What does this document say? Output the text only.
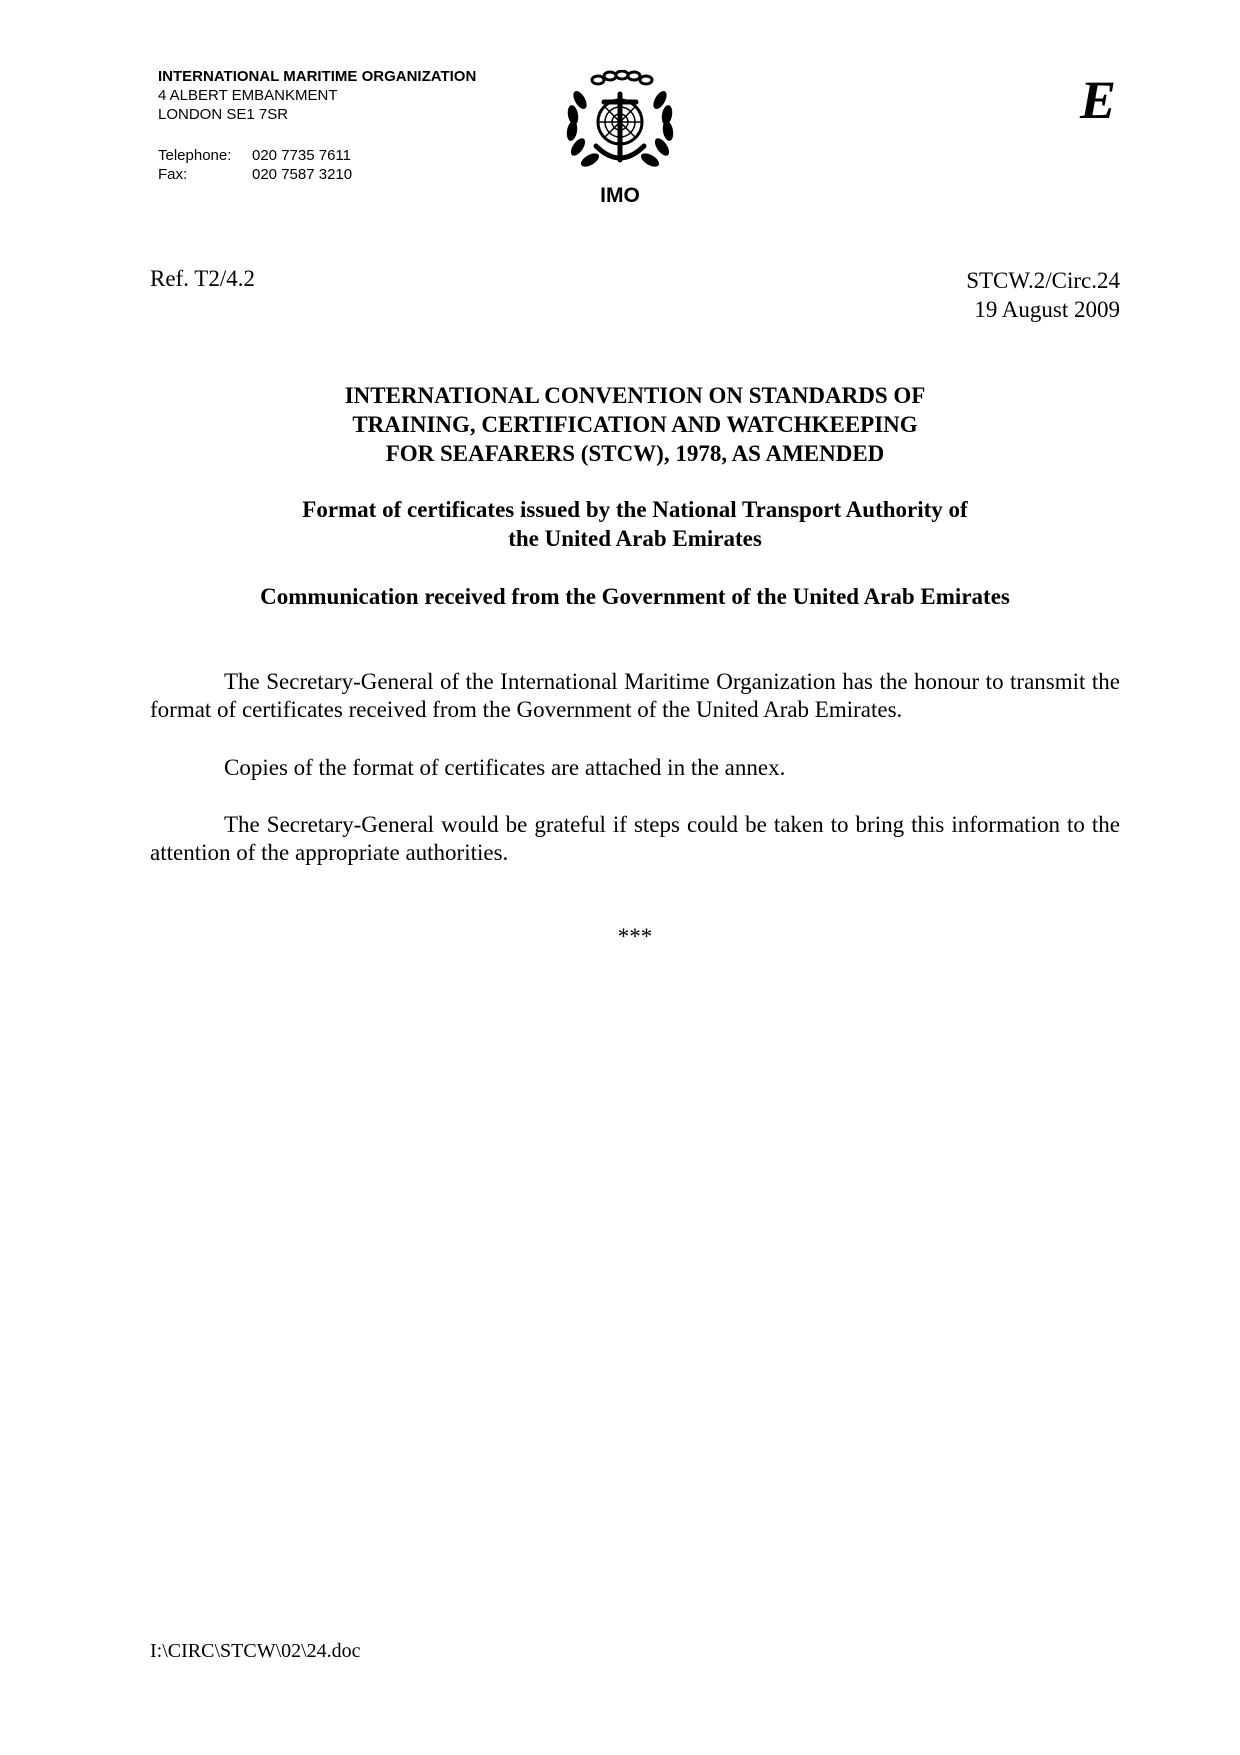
INTERNATIONAL MARITIME ORGANIZATION
4 ALBERT EMBANKMENT
LONDON SE1 7SR
Telephone:	020 7735 7611
Fax:	020 7587 3210
IMO
E
Ref. T2/4.2	STCW.2/Circ.24
19 August 2009
INTERNATIONAL CONVENTION ON STANDARDS OF
TRAINING, CERTIFICATION AND WATCHKEEPING
FOR SEAFARERS (STCW), 1978, AS AMENDED
Format of certificates issued by the National Transport Authority of
the United Arab Emirates
Communication received from the Government of the United Arab Emirates
The Secretary-General of the International Maritime Organization has the honour to transmit the format of certificates received from the Government of the United Arab Emirates.
Copies of the format of certificates are attached in the annex.
The Secretary-General would be grateful if steps could be taken to bring this information to the attention of the appropriate authorities.
***
I:\CIRC\STCW\02\24.doc
